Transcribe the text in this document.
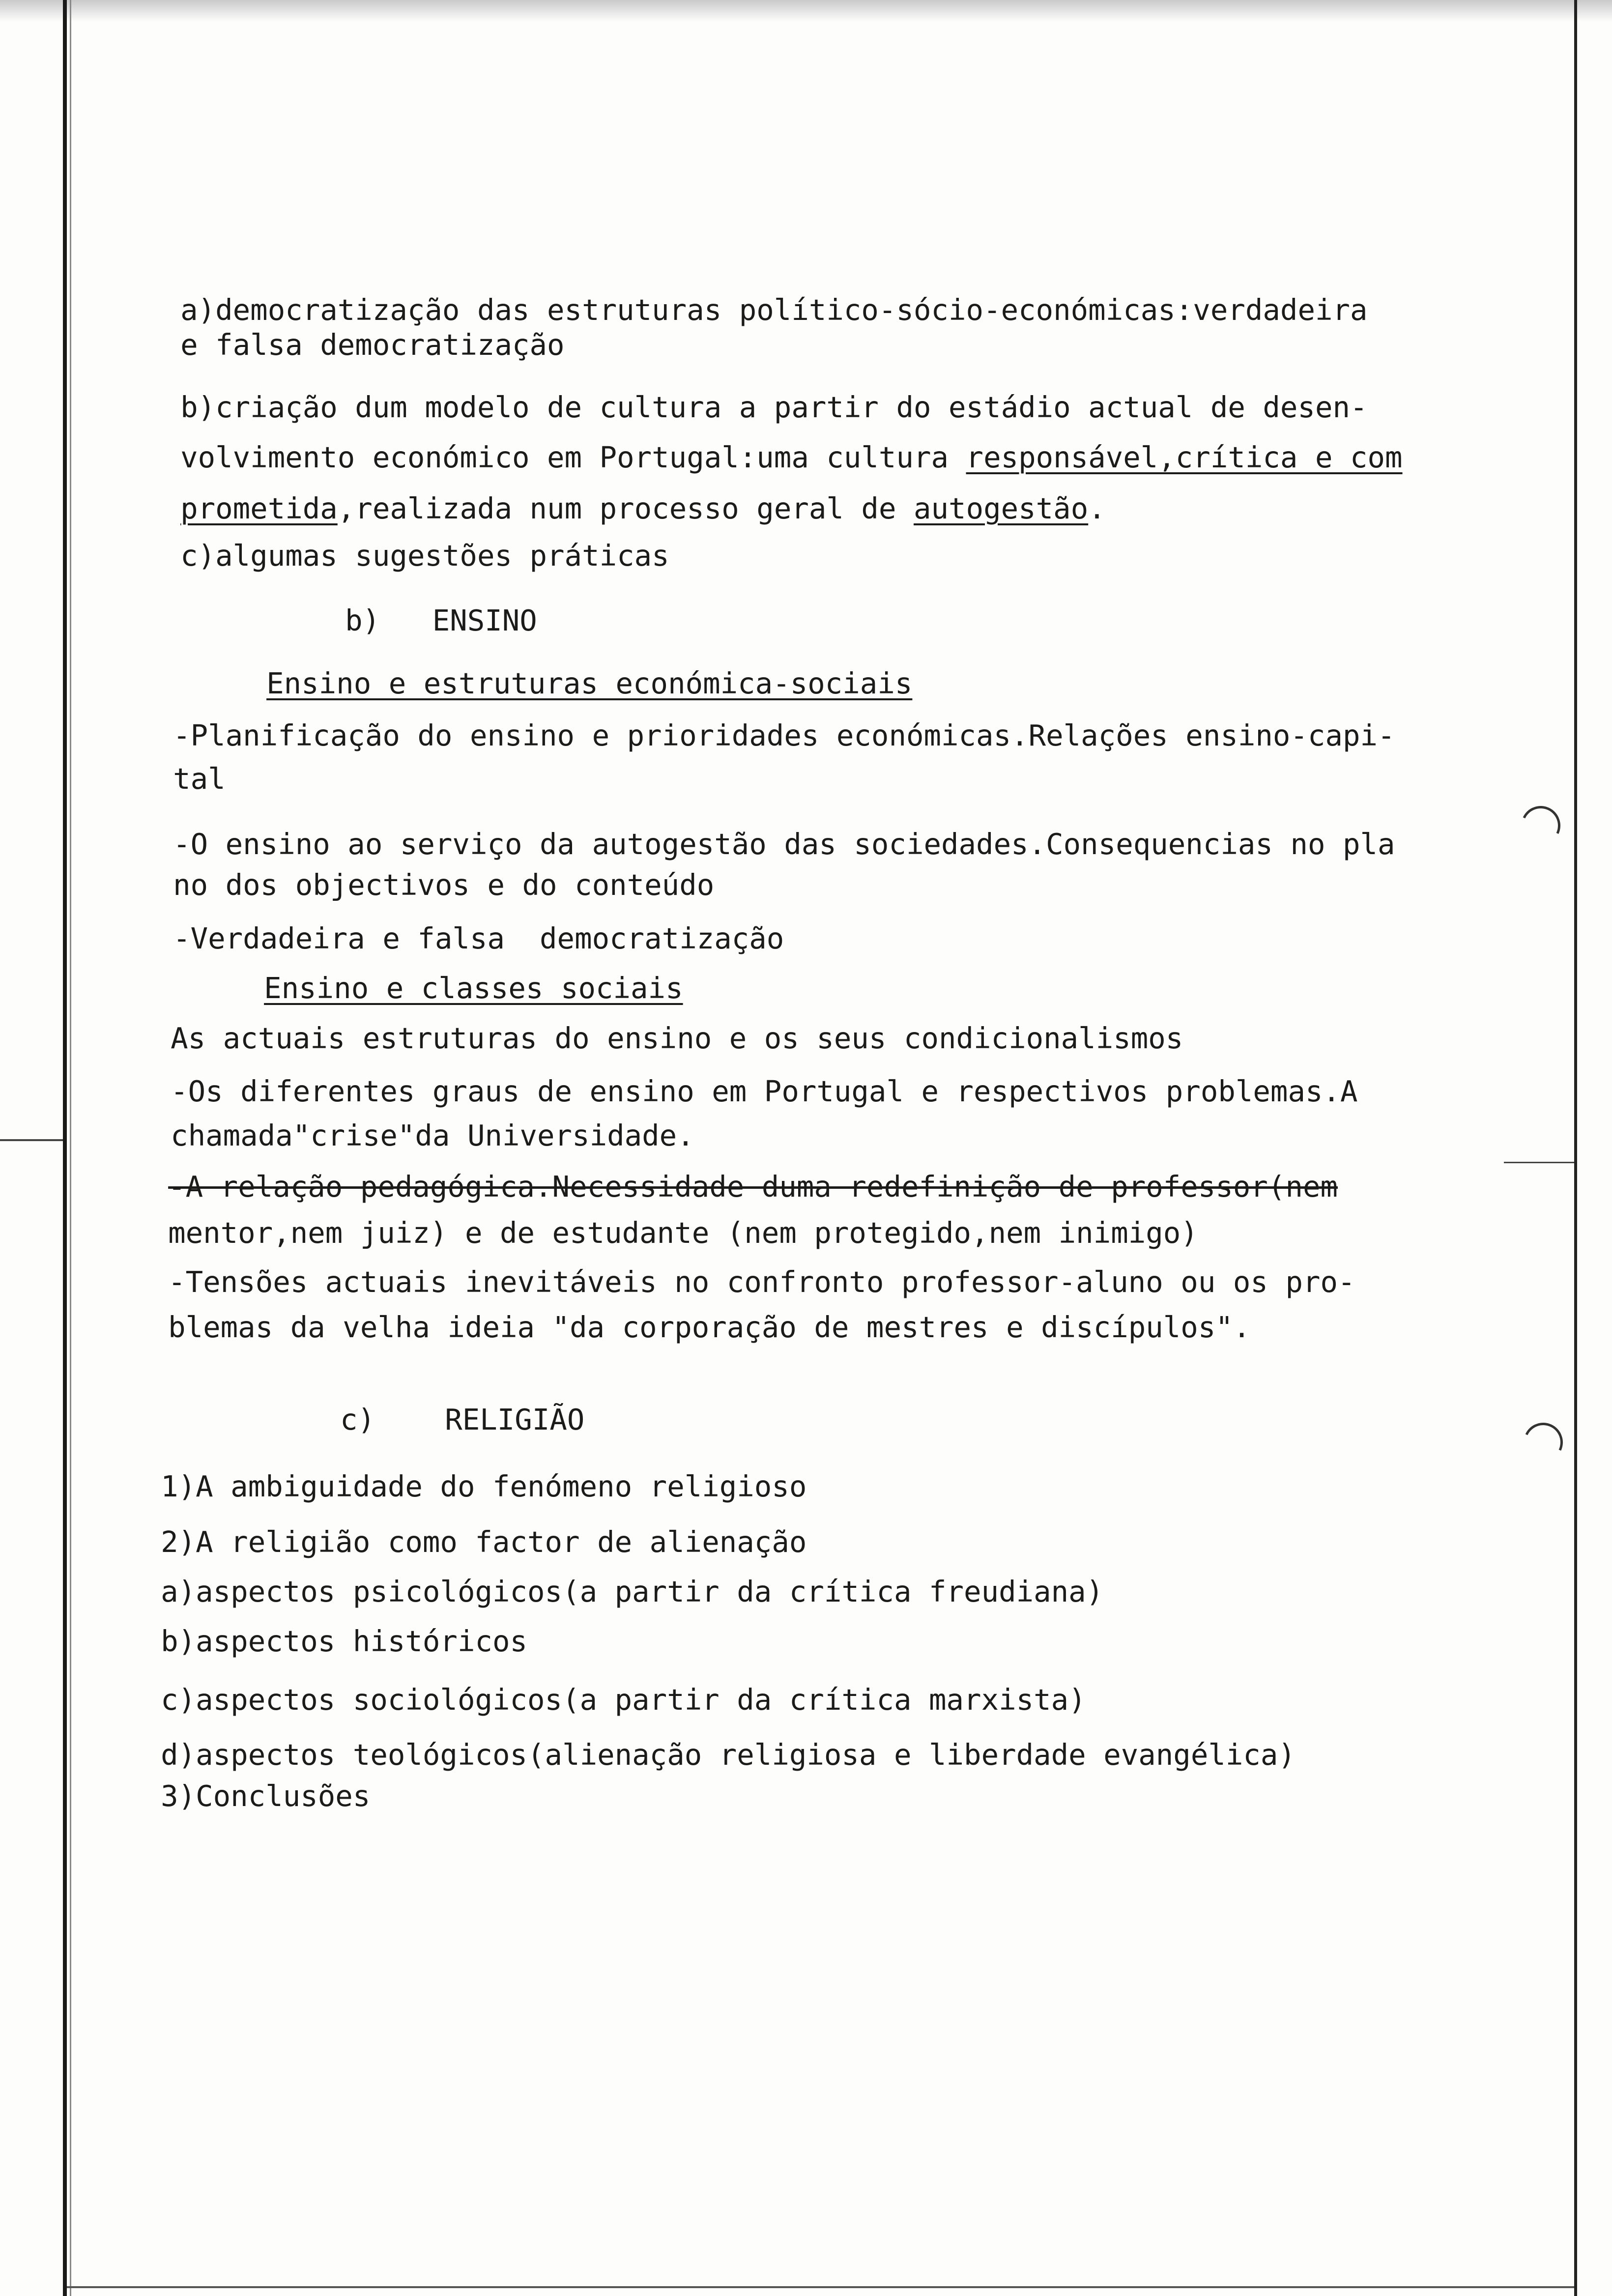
a)democratização das estruturas político-sócio-económicas:verdadeira

e falsa democratização

b)criação dum modelo de cultura a partir do estádio actual de desen-

volvimento económico em Portugal:uma cultura responsável,crítica e com

prometida,realizada num processo geral de autogestão.

c)algumas sugestões práticas

b)   ENSINO

Ensino e estruturas económica-sociais

-Planificação do ensino e prioridades económicas.Relações ensino-capi-

tal

-O ensino ao serviço da autogestão das sociedades.Consequencias no pla

no dos objectivos e do conteúdo

-Verdadeira e falsa  democratização

Ensino e classes sociais

As actuais estruturas do ensino e os seus condicionalismos

-Os diferentes graus de ensino em Portugal e respectivos problemas.A

chamada"crise"da Universidade.

-A relação pedagógica.Necessidade duma redefinição de professor(nem

mentor,nem juiz) e de estudante (nem protegido,nem inimigo)

-Tensões actuais inevitáveis no confronto professor-aluno ou os pro-

blemas da velha ideia "da corporação de mestres e discípulos".

c)    RELIGIÃO

1)A ambiguidade do fenómeno religioso

2)A religião como factor de alienação

a)aspectos psicológicos(a partir da crítica freudiana)

b)aspectos históricos

c)aspectos sociológicos(a partir da crítica marxista)

d)aspectos teológicos(alienação religiosa e liberdade evangélica)

3)Conclusões
